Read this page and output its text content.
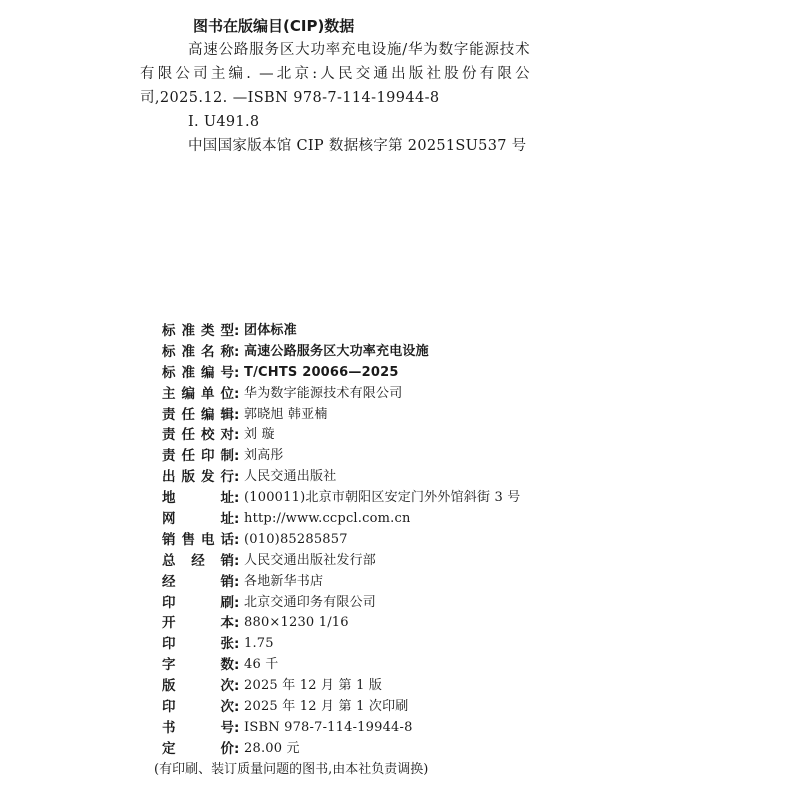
图书在版编目(CIP)数据

高速公路服务区大功率充电设施/华为数字能源技术有限公司主编. —北京:人民交通出版社股份有限公司,2025.12. —ISBN 978-7-114-19944-8

Ⅰ. U491.8

中国国家版本馆 CIP 数据核字第 20251SU537 号

标准类型 : 团体标准
标准名称 : 高速公路服务区大功率充电设施
标准编号 : T/CHTS 20066—2025
主编单位 : 华为数字能源技术有限公司
责任编辑 : 郭晓旭 韩亚楠
责任校对 : 刘 璇
责任印制 : 刘高彤
出版发行 : 人民交通出版社
地址 : (100011)北京市朝阳区安定门外外馆斜街 3 号
网址 : http://www.ccpcl.com.cn
销售电话 : (010)85285857
总经销 : 人民交通出版社发行部
经销 : 各地新华书店
印刷 : 北京交通印务有限公司
开本 : 880×1230 1/16
印张 : 1.75
字数 : 46 千
版次 : 2025 年 12 月 第 1 版
印次 : 2025 年 12 月 第 1 次印刷
书号 : ISBN 978-7-114-19944-8
定价 : 28.00 元
(有印刷、装订质量问题的图书,由本社负责调换)
